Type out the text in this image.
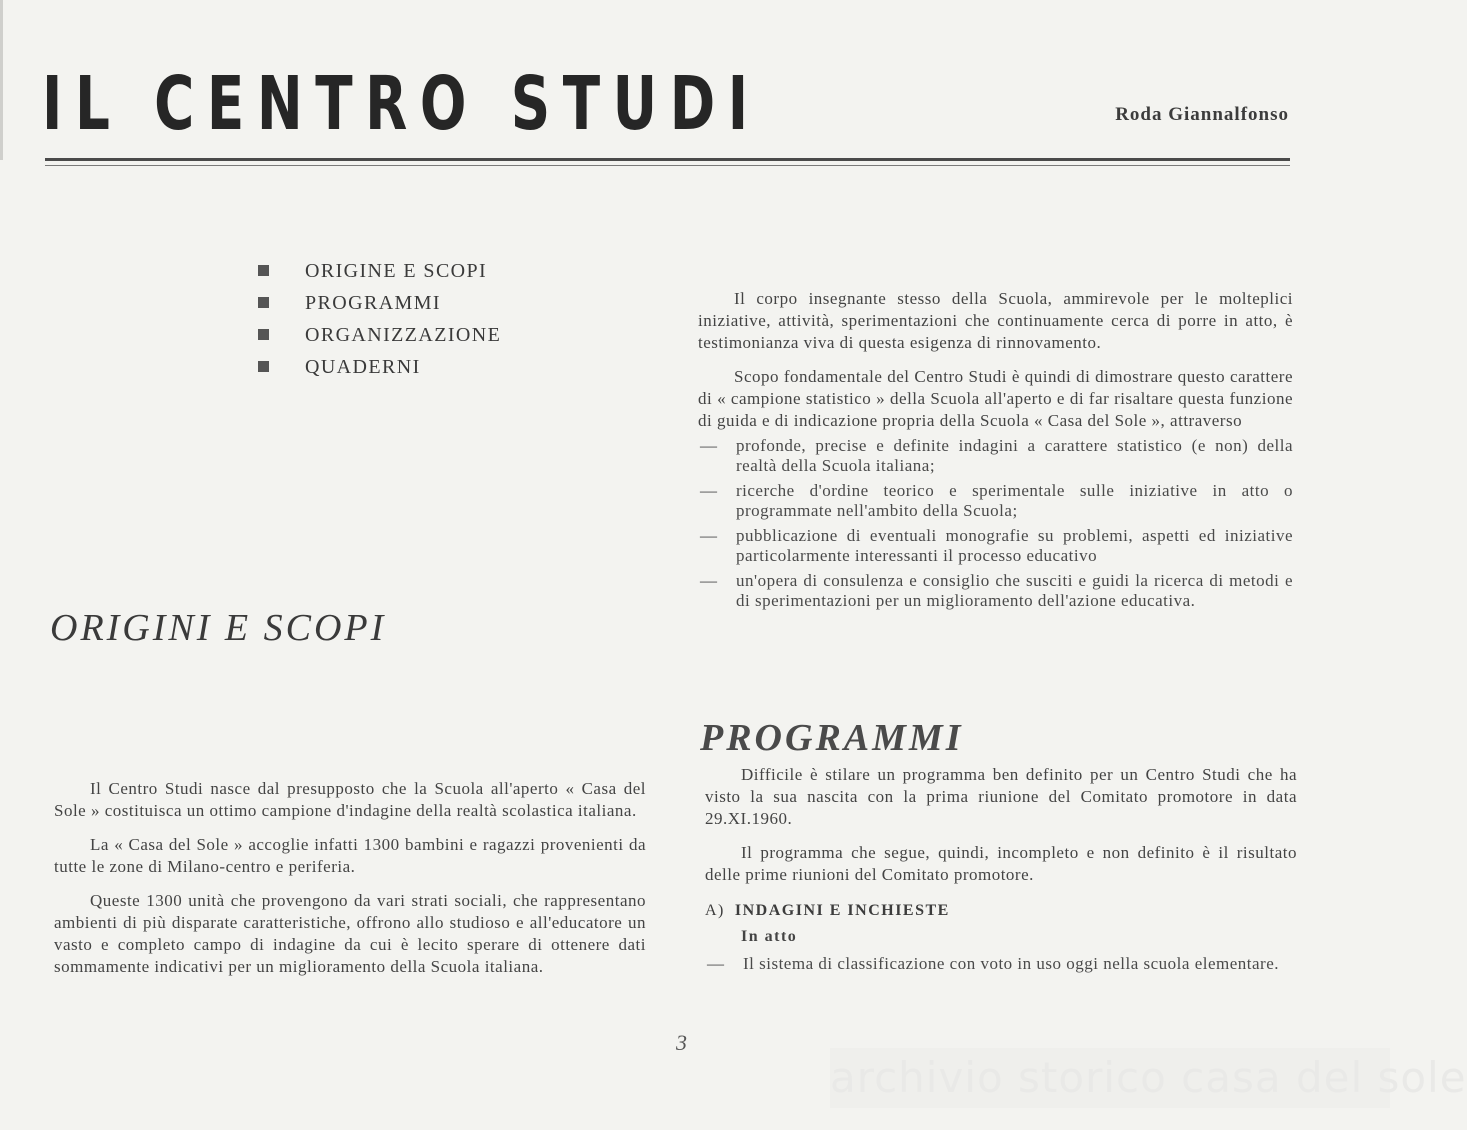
IL CENTRO STUDI	Roda Giannalfonso
ORIGINE E SCOPI
PROGRAMMI
ORGANIZZAZIONE
QUADERNI
ORIGINI E SCOPI

Il Centro Studi nasce dal presupposto che la Scuola all'aperto « Casa del Sole » costituisca un ottimo campione d'indagine della realtà scolastica italiana.

La « Casa del Sole » accoglie infatti 1300 bambini e ragazzi provenienti da tutte le zone di Milano-centro e periferia.

Queste 1300 unità che provengono da vari strati sociali, che rappresentano ambienti di più disparate caratteristiche, offrono allo studioso e all'educatore un vasto e completo campo di indagine da cui è lecito sperare di ottenere dati sommamente indicativi per un miglioramento della Scuola italiana.

Il corpo insegnante stesso della Scuola, ammirevole per le molteplici iniziative, attività, sperimentazioni che continuamente cerca di porre in atto, è testimonianza viva di questa esigenza di rinnovamento.

Scopo fondamentale del Centro Studi è quindi di dimostrare questo carattere di « campione statistico » della Scuola all'aperto e di far risaltare questa funzione di guida e di indicazione propria della Scuola « Casa del Sole », attraverso

— profonde, precise e definite indagini a carattere statistico (e non) della realtà della Scuola italiana;
— ricerche d'ordine teorico e sperimentale sulle iniziative in atto o programmate nell'ambito della Scuola;
— pubblicazione di eventuali monografie su problemi, aspetti ed iniziative particolarmente interessanti il processo educativo
— un'opera di consulenza e consiglio che susciti e guidi la ricerca di metodi e di sperimentazioni per un miglioramento dell'azione educativa.
PROGRAMMI

Difficile è stilare un programma ben definito per un Centro Studi che ha visto la sua nascita con la prima riunione del Comitato promotore in data 29.XI.1960.

Il programma che segue, quindi, incompleto e non definito è il risultato delle prime riunioni del Comitato promotore.

A) INDAGINI E INCHIESTE
In atto
— Il sistema di classificazione con voto in uso oggi nella scuola elementare.
3
archivio storico casa del sole
